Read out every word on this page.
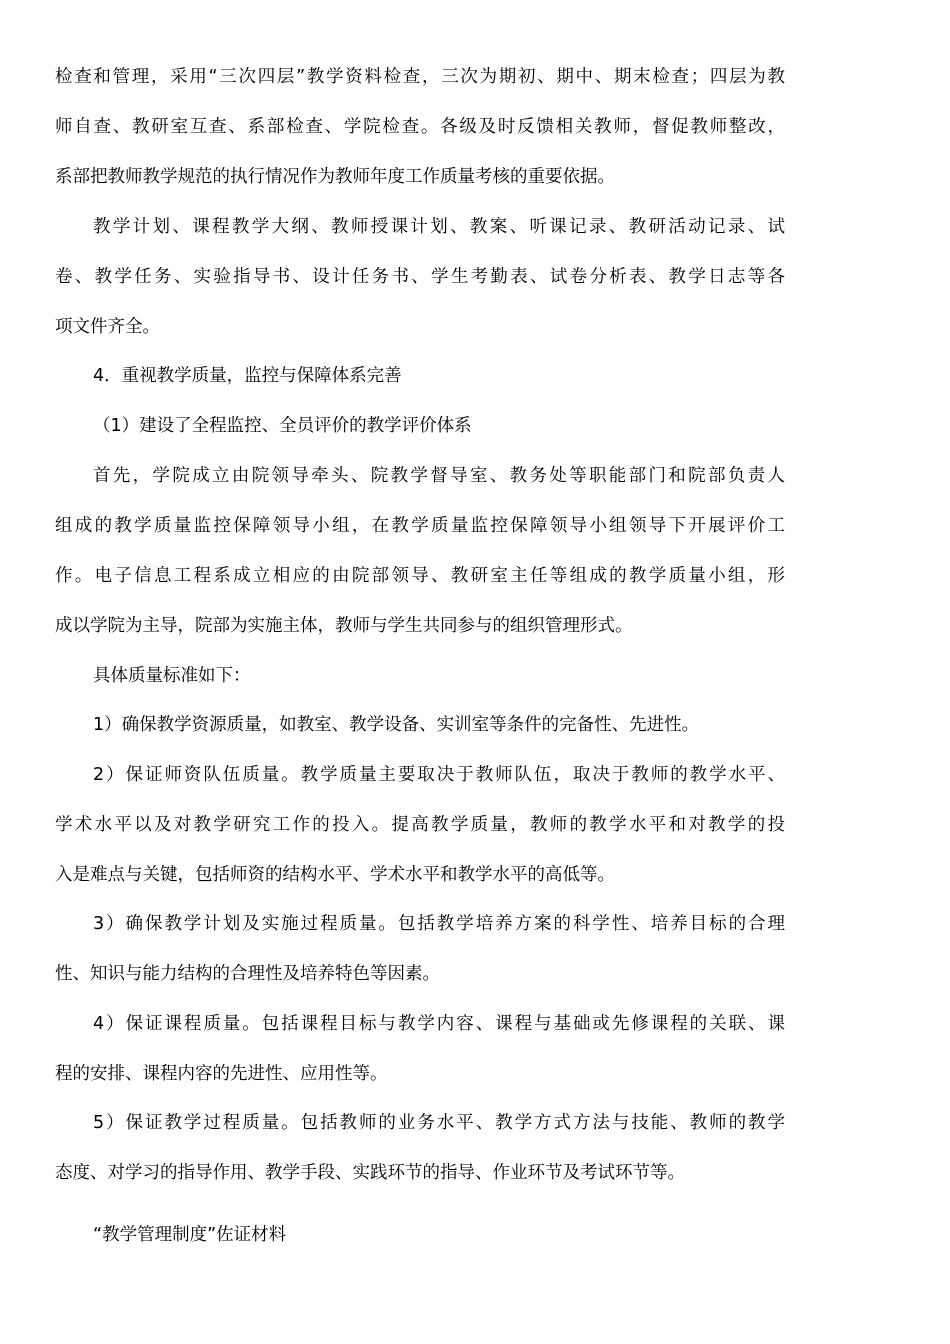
检查和管理，采用“三次四层”教学资料检查，三次为期初、期中、期末检查；四层为教
师自查、教研室互查、系部检查、学院检查。各级及时反馈相关教师，督促教师整改，
系部把教师教学规范的执行情况作为教师年度工作质量考核的重要依据。
教学计划、课程教学大纲、教师授课计划、教案、听课记录、教研活动记录、试
卷、教学任务、实验指导书、设计任务书、学生考勤表、试卷分析表、教学日志等各
项文件齐全。
4．重视教学质量，监控与保障体系完善
（1）建设了全程监控、全员评价的教学评价体系
首先，学院成立由院领导牵头、院教学督导室、教务处等职能部门和院部负责人
组成的教学质量监控保障领导小组，在教学质量监控保障领导小组领导下开展评价工
作。电子信息工程系成立相应的由院部领导、教研室主任等组成的教学质量小组，形
成以学院为主导，院部为实施主体，教师与学生共同参与的组织管理形式。
具体质量标准如下：
1）确保教学资源质量，如教室、教学设备、实训室等条件的完备性、先进性。
2）保证师资队伍质量。教学质量主要取决于教师队伍，取决于教师的教学水平、
学术水平以及对教学研究工作的投入。提高教学质量，教师的教学水平和对教学的投
入是难点与关键，包括师资的结构水平、学术水平和教学水平的高低等。
3）确保教学计划及实施过程质量。包括教学培养方案的科学性、培养目标的合理
性、知识与能力结构的合理性及培养特色等因素。
4）保证课程质量。包括课程目标与教学内容、课程与基础或先修课程的关联、课
程的安排、课程内容的先进性、应用性等。
5）保证教学过程质量。包括教师的业务水平、教学方式方法与技能、教师的教学
态度、对学习的指导作用、教学手段、实践环节的指导、作业环节及考试环节等。
“教学管理制度”佐证材料
